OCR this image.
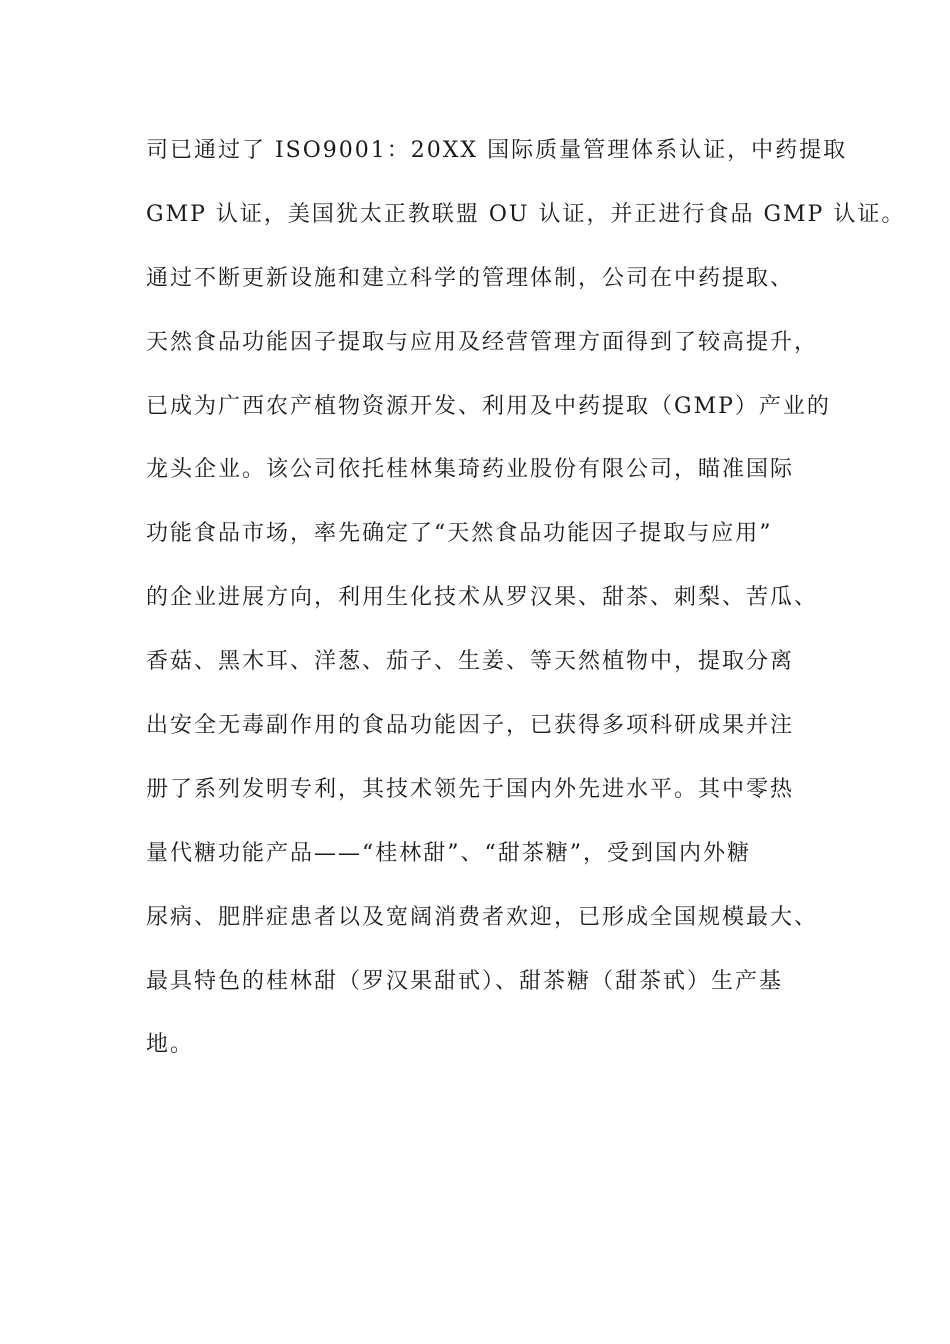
司已通过了 ISO9001：20XX 国际质量管理体系认证，中药提取
GMP 认证，美国犹太正教联盟 OU 认证，并正进行食品 GMP 认证。
通过不断更新设施和建立科学的管理体制，公司在中药提取、
天然食品功能因子提取与应用及经营管理方面得到了较高提升，
已成为广西农产植物资源开发、利用及中药提取（GMP）产业的
龙头企业。该公司依托桂林集琦药业股份有限公司，瞄准国际
功能食品市场，率先确定了“天然食品功能因子提取与应用”
的企业进展方向，利用生化技术从罗汉果、甜茶、刺梨、苦瓜、
香菇、黑木耳、洋葱、茄子、生姜、等天然植物中，提取分离
出安全无毒副作用的食品功能因子，已获得多项科研成果并注
册了系列发明专利，其技术领先于国内外先进水平。其中零热
量代糖功能产品——“桂林甜”、“甜茶糖”，受到国内外糖
尿病、肥胖症患者以及宽阔消费者欢迎，已形成全国规模最大、
最具特色的桂林甜（罗汉果甜甙）、甜茶糖（甜茶甙）生产基
地。
